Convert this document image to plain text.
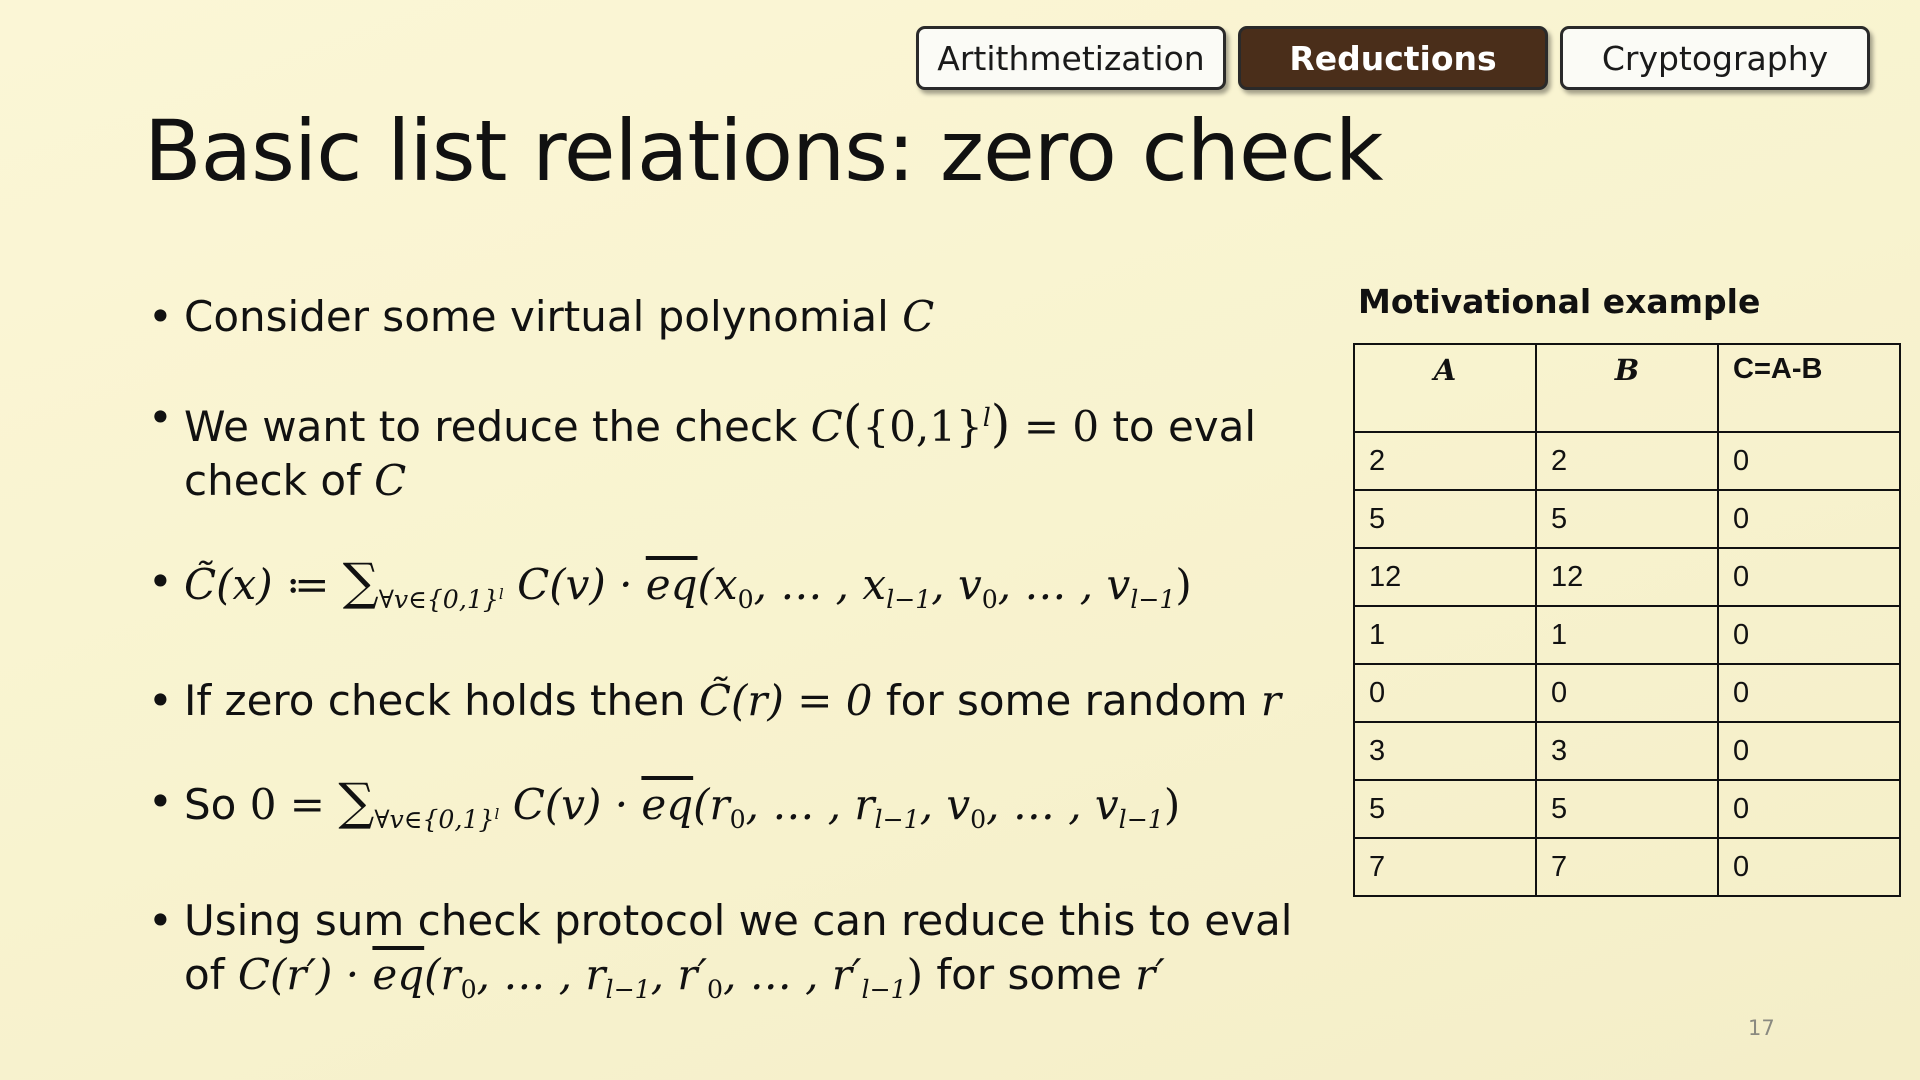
Artithmetization	Reductions	Cryptography
Basic list relations: zero check
• Consider some virtual polynomial C
• We want to reduce the check $C(\{0,1\}^l) = 0$ to eval
check of C
• C̃(x) ≔ $\sum_{\forall v\in\{0,1\}^l}$ $C(v) \cdot \overline{eq}(x_0$, … , $x_{l-1}$, $v_0$, … , $v_{l-1}$)
• If zero check holds then C̃(r) = 0 for some random r
• So $0 = \sum_{\forall v\in\{0,1\}^l}$ $C(v) \cdot \overline{eq}(r_0$, … , $r_{l-1}$, $v_0$, … , $v_{l-1}$)
• Using sum check protocol we can reduce this to eval
of $C(r') \cdot \overline{eq}(r_0$, … , $r_{l-1}$, $r'_0$, … , $r'_{l-1}$) for some r′
Motivational example
A	B	C=A-B
2	2	0
5	5	0
12	12	0
1	1	0
0	0	0
3	3	0
5	5	0
7	7	0
17
